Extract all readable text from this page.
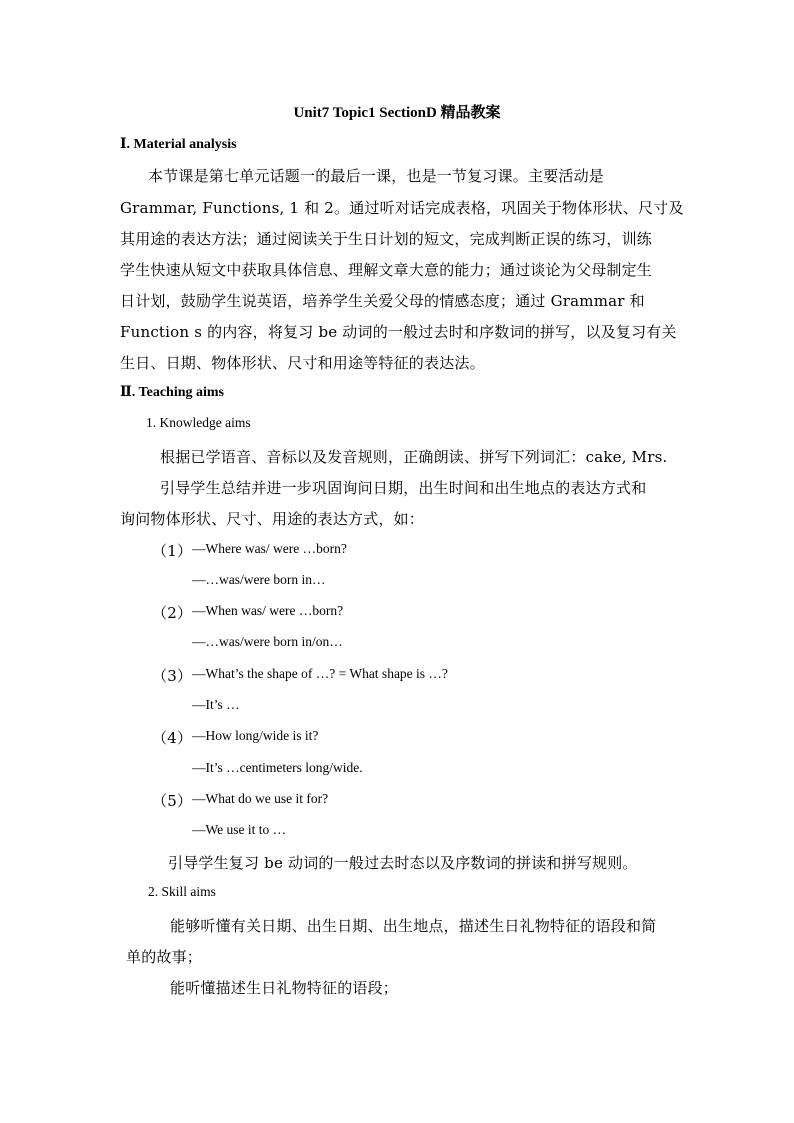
Unit7 Topic1 SectionD 精品教案
Ⅰ. Material analysis
本节课是第七单元话题一的最后一课，也是一节复习课。主要活动是
Grammar, Functions, 1 和 2。通过听对话完成表格，巩固关于物体形状、尺寸及
其用途的表达方法；通过阅读关于生日计划的短文，完成判断正误的练习，训练
学生快速从短文中获取具体信息、理解文章大意的能力；通过谈论为父母制定生
日计划，鼓励学生说英语，培养学生关爱父母的情感态度；通过 Grammar 和
Function s 的内容，将复习 be 动词的一般过去时和序数词的拼写，以及复习有关
生日、日期、物体形状、尺寸和用途等特征的表达法。
Ⅱ. Teaching aims
1. Knowledge aims
根据已学语音、音标以及发音规则，正确朗读、拼写下列词汇：cake, Mrs.
引导学生总结并进一步巩固询问日期，出生时间和出生地点的表达方式和
询问物体形状、尺寸、用途的表达方式，如：
（1） —Where was/ were …born?
—…was/were born in…
（2） —When was/ were …born?
—…was/were born in/on…
（3） —What’s the shape of …? = What shape is …?
—It’s …
（4） —How long/wide is it?
—It’s …centimeters long/wide.
（5） —What do we use it for?
—We use it to …
引导学生复习 be 动词的一般过去时态以及序数词的拼读和拼写规则。
2. Skill aims
能够听懂有关日期、出生日期、出生地点，描述生日礼物特征的语段和简
单的故事；
能听懂描述生日礼物特征的语段；
